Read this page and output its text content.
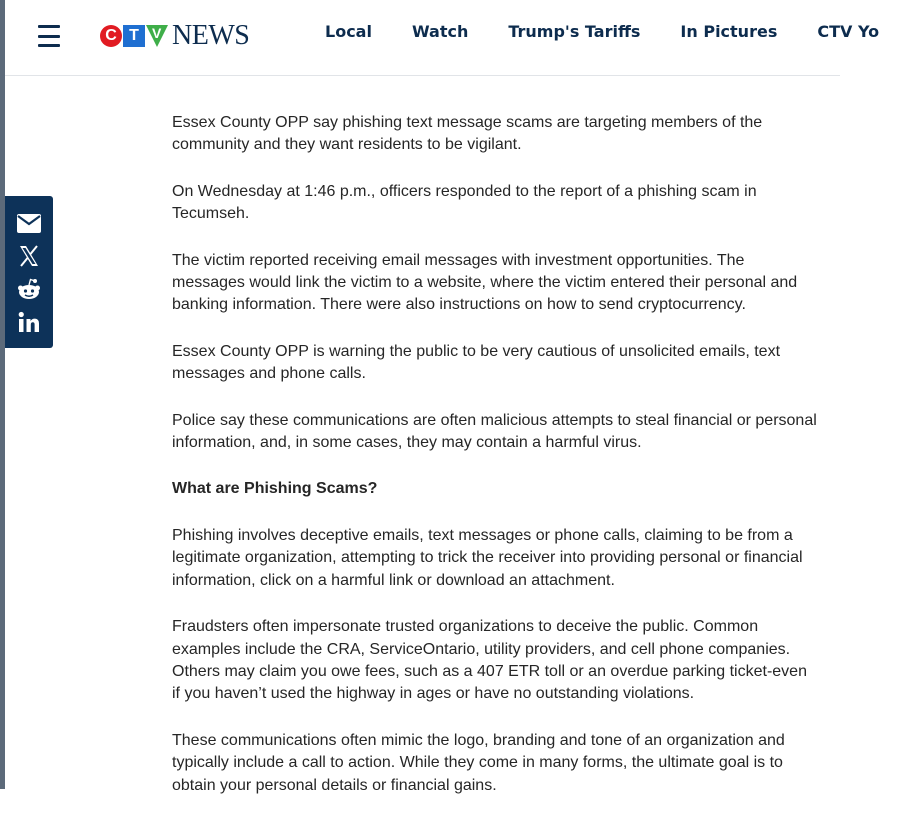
C T V NEWS	Local	Watch	Trump's Tariffs	In Pictures	CTV Yo

Essex County OPP say phishing text message scams are targeting members of the community and they want residents to be vigilant.

On Wednesday at 1:46 p.m., officers responded to the report of a phishing scam in Tecumseh.

The victim reported receiving email messages with investment opportunities. The messages would link the victim to a website, where the victim entered their personal and banking information. There were also instructions on how to send cryptocurrency.

Essex County OPP is warning the public to be very cautious of unsolicited emails, text messages and phone calls.

Police say these communications are often malicious attempts to steal financial or personal information, and, in some cases, they may contain a harmful virus.

What are Phishing Scams?

Phishing involves deceptive emails, text messages or phone calls, claiming to be from a legitimate organization, attempting to trick the receiver into providing personal or financial information, click on a harmful link or download an attachment.

Fraudsters often impersonate trusted organizations to deceive the public. Common examples include the CRA, ServiceOntario, utility providers, and cell phone companies. Others may claim you owe fees, such as a 407 ETR toll or an overdue parking ticket-even if you haven’t used the highway in ages or have no outstanding violations.

These communications often mimic the logo, branding and tone of an organization and typically include a call to action. While they come in many forms, the ultimate goal is to obtain your personal details or financial gains.
